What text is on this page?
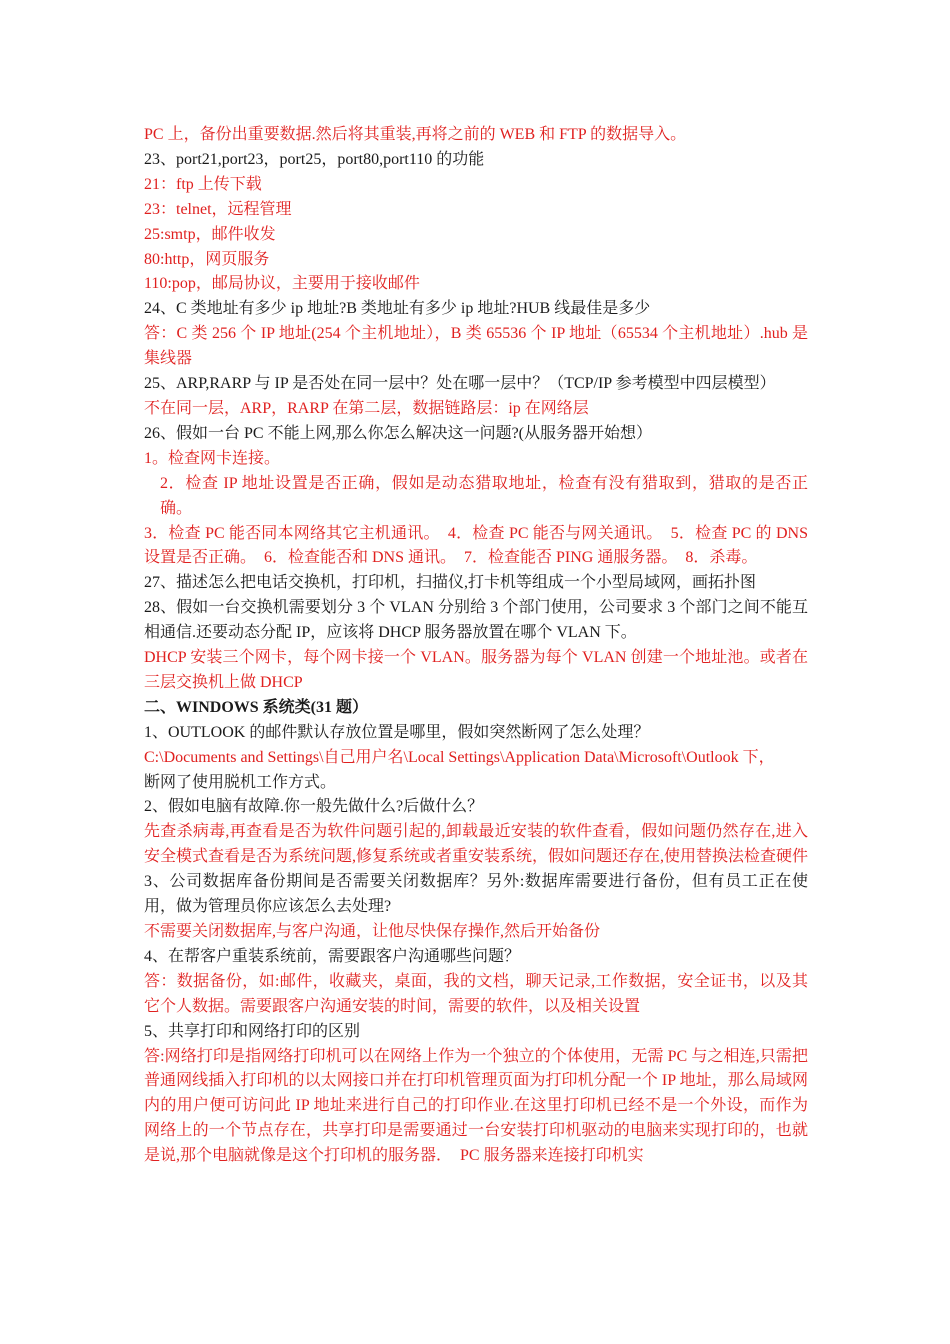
PC 上，备份出重要数据.然后将其重装,再将之前的 WEB 和 FTP 的数据导入。
23、port21,port23，port25，port80,port110 的功能
21：ftp 上传下载
23：telnet，远程管理
25:smtp，邮件收发
80:http，网页服务
110:pop，邮局协议，主要用于接收邮件
24、C 类地址有多少 ip 地址?B 类地址有多少 ip 地址?HUB 线最佳是多少
答：C 类 256 个 IP 地址(254 个主机地址），B 类 65536 个 IP 地址（65534 个主机地址）.hub 是集线器
25、ARP,RARP 与 IP 是否处在同一层中？处在哪一层中？（TCP/IP 参考模型中四层模型）
不在同一层，ARP，RARP 在第二层，数据链路层：ip 在网络层
26、假如一台 PC 不能上网,那么你怎么解决这一问题?(从服务器开始想）
1。检查网卡连接。
2．检查 IP 地址设置是否正确，假如是动态猎取地址，检查有没有猎取到，猎取的是否正确。
3．检查 PC 能否同本网络其它主机通讯。　4．检查 PC 能否与网关通讯。　5．检查 PC 的 DNS 设置是否正确。　6．检查能否和 DNS 通讯。　7．检查能否 PING 通服务器。　8．杀毒。
27、描述怎么把电话交换机，打印机，扫描仪,打卡机等组成一个小型局域网，画拓扑图
28、假如一台交换机需要划分 3 个 VLAN 分别给 3 个部门使用，公司要求 3 个部门之间不能互相通信.还要动态分配 IP，应该将 DHCP 服务器放置在哪个 VLAN 下。
DHCP 安装三个网卡，每个网卡接一个 VLAN。服务器为每个 VLAN 创建一个地址池。或者在三层交换机上做 DHCP
二、WINDOWS 系统类(31 题）
1、OUTLOOK 的邮件默认存放位置是哪里，假如突然断网了怎么处理？
C:\Documents and Settings\自己用户名\Local Settings\Application Data\Microsoft\Outlook 下，
断网了使用脱机工作方式。
2、假如电脑有故障.你一般先做什么?后做什么？
先查杀病毒,再查看是否为软件问题引起的,卸载最近安装的软件查看，假如问题仍然存在,进入安全模式查看是否为系统问题,修复系统或者重安装系统，假如问题还存在,使用替换法检查硬件
3、公司数据库备份期间是否需要关闭数据库？另外:数据库需要进行备份，但有员工正在使用，做为管理员你应该怎么去处理?
不需要关闭数据库,与客户沟通，让他尽快保存操作,然后开始备份
4、在帮客户重装系统前，需要跟客户沟通哪些问题？
答：数据备份，如:邮件，收藏夹，桌面，我的文档，聊天记录,工作数据，安全证书，以及其它个人数据。需要跟客户沟通安装的时间，需要的软件，以及相关设置
5、共享打印和网络打印的区别
答:网络打印是指网络打印机可以在网络上作为一个独立的个体使用，无需 PC 与之相连,只需把普通网线插入打印机的以太网接口并在打印机管理页面为打印机分配一个 IP 地址，那么局域网内的用户便可访问此 IP 地址来进行自己的打印作业.在这里打印机已经不是一个外设，而作为网络上的一个节点存在，共享打印是需要通过一台安装打印机驱动的电脑来实现打印的，也就是说,那个电脑就像是这个打印机的服务器．　PC 服务器来连接打印机实
